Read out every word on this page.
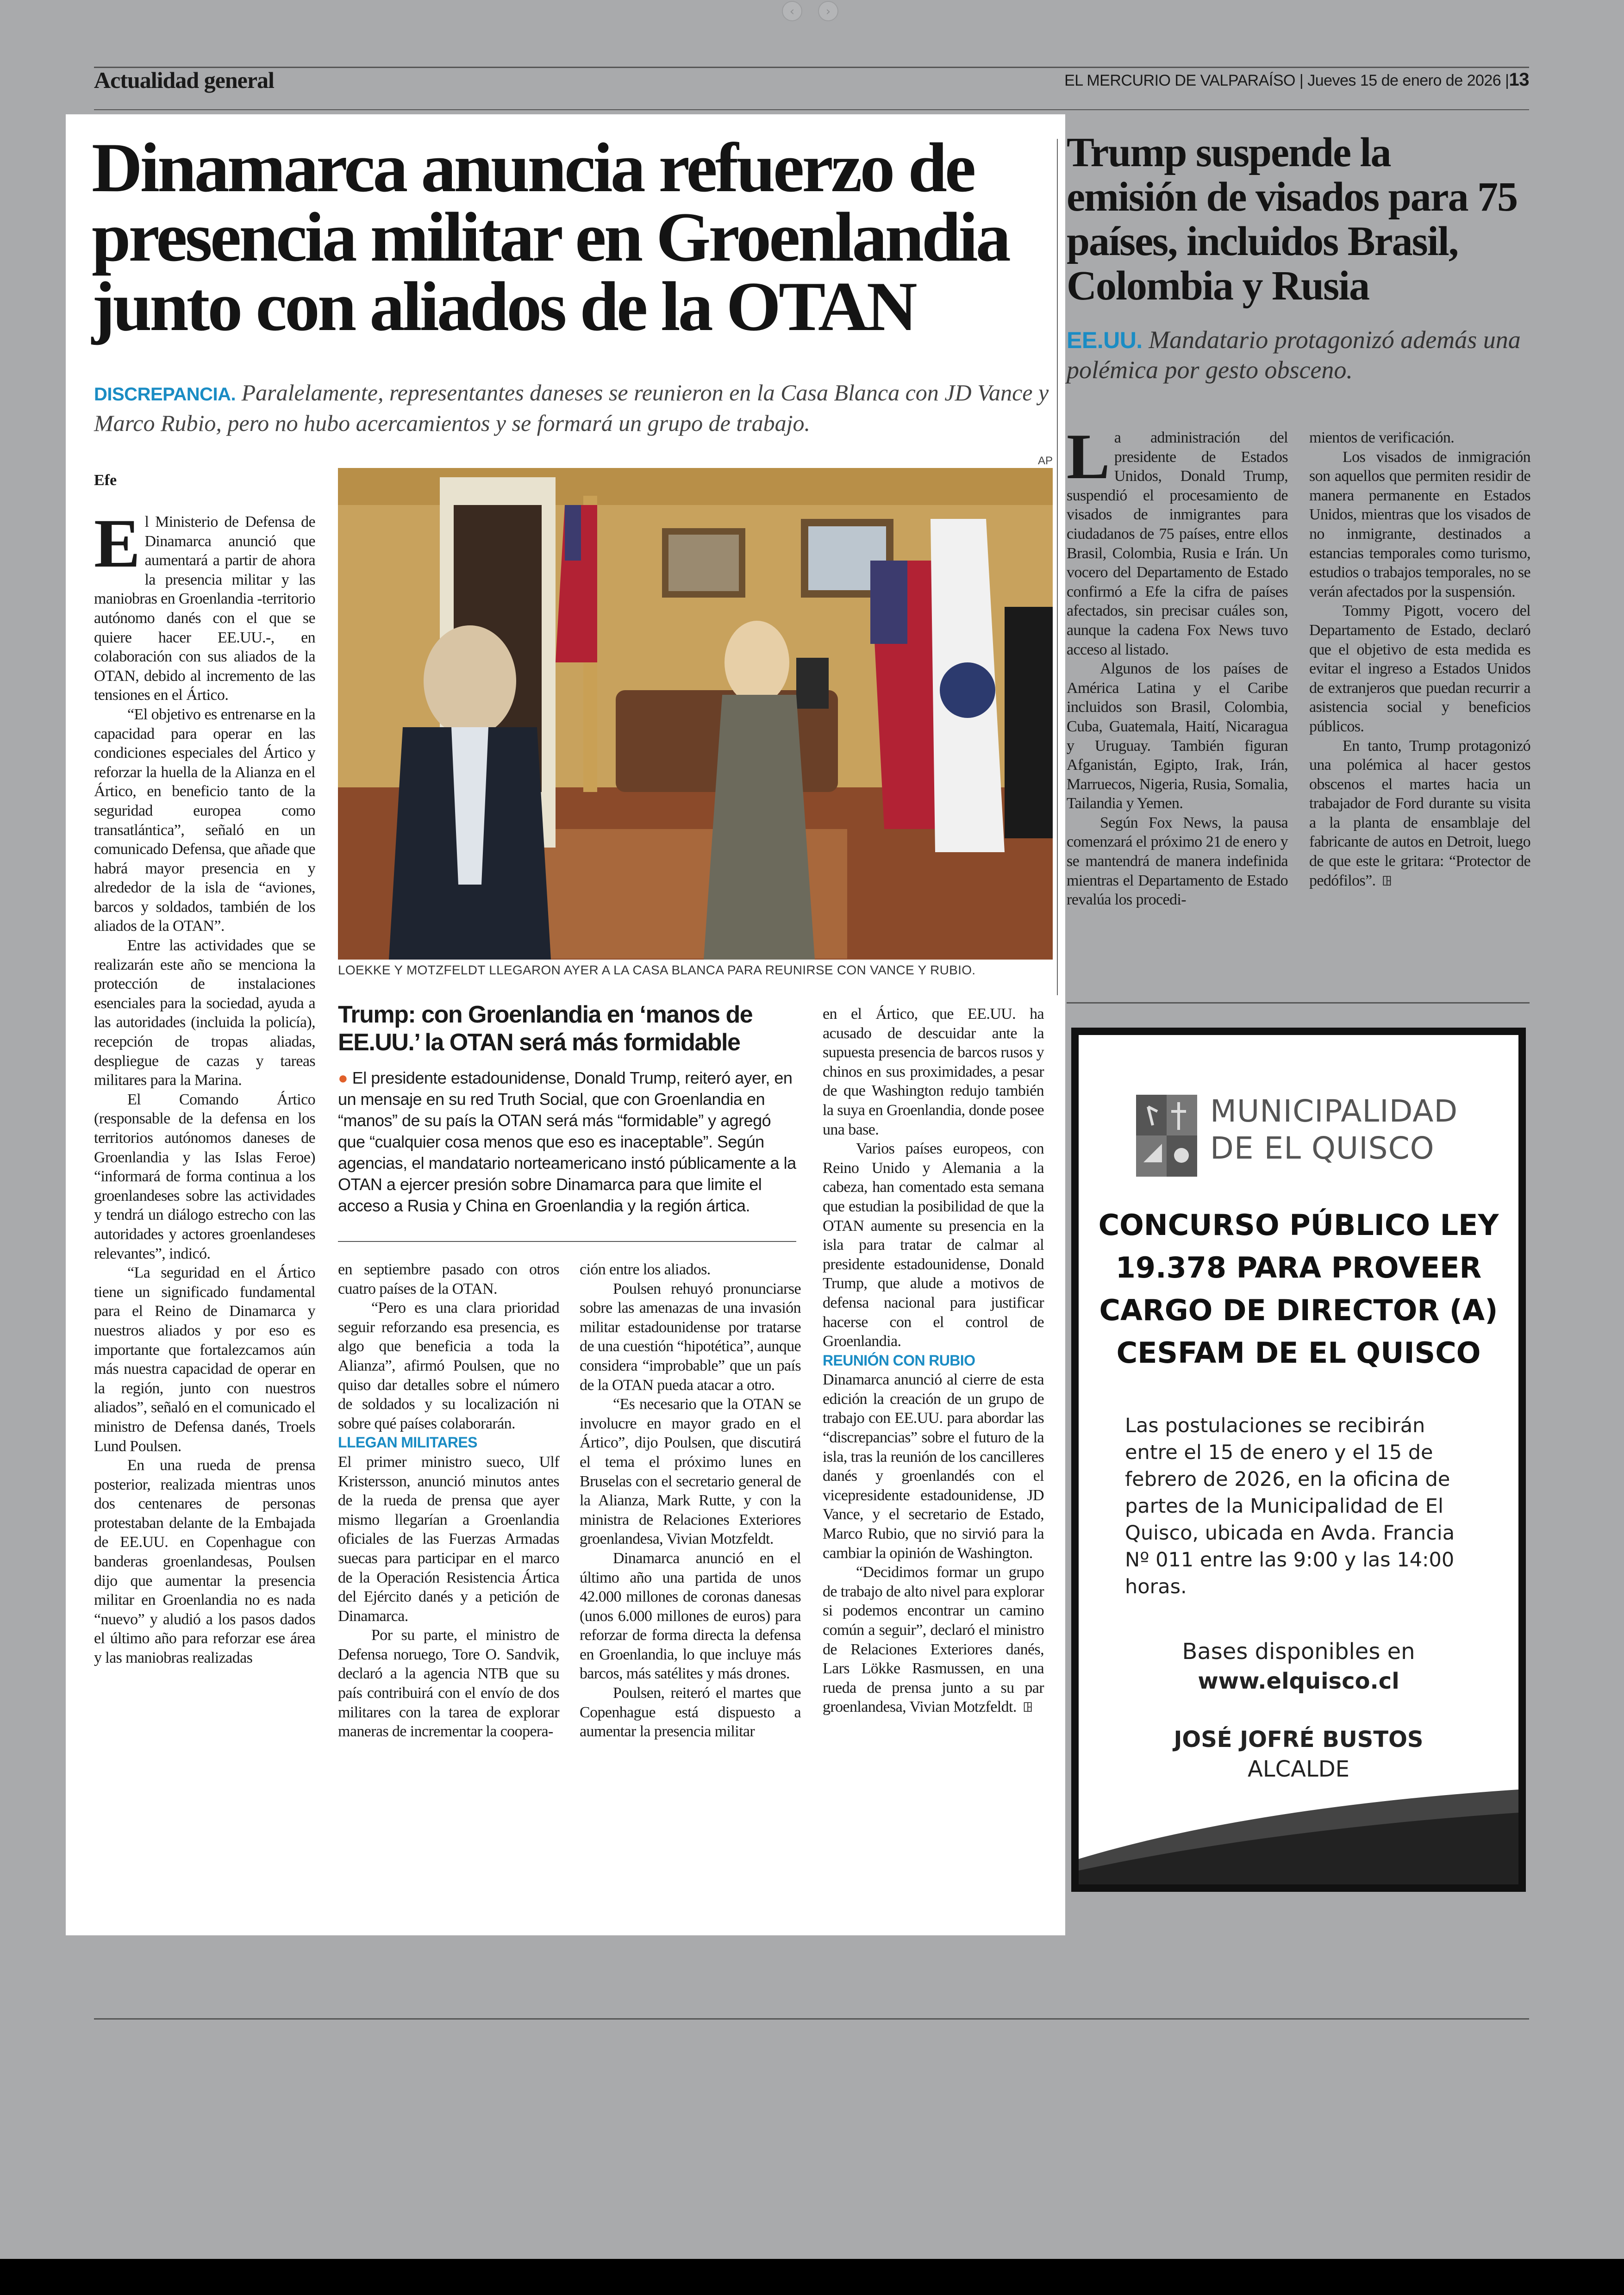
‹	›
Actualidad general	EL MERCURIO DE VALPARAÍSO | Jueves 15 de enero de 2026 |13
Dinamarca anuncia refuerzo de presencia militar en Groenlandia junto con aliados de la OTAN
DISCREPANCIA. Paralelamente, representantes daneses se reunieron en la Casa Blanca con JD Vance y Marco Rubio, pero no hubo acercamientos y se formará un grupo de trabajo.
Efe

El Ministerio de Defensa de Dinamarca anunció que aumentará a partir de ahora la presencia militar y las maniobras en Groenlandia -territorio autónomo danés con el que se quiere hacer EE.UU.-, en colaboración con sus aliados de la OTAN, debido al incremento de las tensiones en el Ártico.

“El objetivo es entrenarse en la capacidad para operar en las condiciones especiales del Ártico y reforzar la huella de la Alianza en el Ártico, en beneficio tanto de la seguridad europea como transatlántica”, señaló en un comunicado Defensa, que añade que habrá mayor presencia en y alrededor de la isla de “aviones, barcos y soldados, también de los aliados de la OTAN”.

Entre las actividades que se realizarán este año se menciona la protección de instalaciones esenciales para la sociedad, ayuda a las autoridades (incluida la policía), recepción de tropas aliadas, despliegue de cazas y tareas militares para la Marina.

El Comando Ártico (responsable de la defensa en los territorios autónomos daneses de Groenlandia y las Islas Feroe) “informará de forma continua a los groenlandeses sobre las actividades y tendrá un diálogo estrecho con las autoridades y actores groenlandeses relevantes”, indicó.

“La seguridad en el Ártico tiene un significado fundamental para el Reino de Dinamarca y nuestros aliados y por eso es importante que fortalezcamos aún más nuestra capacidad de operar en la región, junto con nuestros aliados”, señaló en el comunicado el ministro de Defensa danés, Troels Lund Poulsen.

En una rueda de prensa posterior, realizada mientras unos dos centenares de personas protestaban delante de la Embajada de EE.UU. en Copenhague con banderas groenlandesas, Poulsen dijo que aumentar la presencia militar en Groenlandia no es nada “nuevo” y aludió a los pasos dados el último año para reforzar ese área y las maniobras realizadas

AP
LOEKKE Y MOTZFELDT LLEGARON AYER A LA CASA BLANCA PARA REUNIRSE CON VANCE Y RUBIO.
Trump: con Groenlandia en ‘manos de EE.UU.’ la OTAN será más formidable
● El presidente estadounidense, Donald Trump, reiteró ayer, en un mensaje en su red Truth Social, que con Groenlandia en “manos” de su país la OTAN será más “formidable” y agregó que “cualquier cosa menos que eso es inaceptable”. Según agencias, el mandatario norteamericano instó públicamente a la OTAN a ejercer presión sobre Dinamarca para que limite el acceso a Rusia y China en Groenlandia y la región ártica.

en septiembre pasado con otros cuatro países de la OTAN.

“Pero es una clara prioridad seguir reforzando esa presencia, es algo que beneficia a toda la Alianza”, afirmó Poulsen, que no quiso dar detalles sobre el número de soldados y su localización ni sobre qué países colaborarán.

LLEGAN MILITARES

El primer ministro sueco, Ulf Kristersson, anunció minutos antes de la rueda de prensa que ayer mismo llegarían a Groenlandia oficiales de las Fuerzas Armadas suecas para participar en el marco de la Operación Resistencia Ártica del Ejército danés y a petición de Dinamarca.

Por su parte, el ministro de Defensa noruego, Tore O. Sandvik, declaró a la agencia NTB que su país contribuirá con el envío de dos militares con la tarea de explorar maneras de incrementar la coopera-

ción entre los aliados.

Poulsen rehuyó pronunciarse sobre las amenazas de una invasión militar estadounidense por tratarse de una cuestión “hipotética”, aunque considera “improbable” que un país de la OTAN pueda atacar a otro.

“Es necesario que la OTAN se involucre en mayor grado en el Ártico”, dijo Poulsen, que discutirá el tema el próximo lunes en Bruselas con el secretario general de la Alianza, Mark Rutte, y con la ministra de Relaciones Exteriores groenlandesa, Vivian Motzfeldt.

Dinamarca anunció en el último año una partida de unos 42.000 millones de coronas danesas (unos 6.000 millones de euros) para reforzar de forma directa la defensa en Groenlandia, lo que incluye más barcos, más satélites y más drones.

Poulsen, reiteró el martes que Copenhague está dispuesto a aumentar la presencia militar

en el Ártico, que EE.UU. ha acusado de descuidar ante la supuesta presencia de barcos rusos y chinos en sus proximidades, a pesar de que Washington redujo también la suya en Groenlandia, donde posee una base.

Varios países europeos, con Reino Unido y Alemania a la cabeza, han comentado esta semana que estudian la posibilidad de que la OTAN aumente su presencia en la isla para tratar de calmar al presidente estadounidense, Donald Trump, que alude a motivos de defensa nacional para justificar hacerse con el control de Groenlandia.

REUNIÓN CON RUBIO

Dinamarca anunció al cierre de esta edición la creación de un grupo de trabajo con EE.UU. para abordar las “discrepancias” sobre el futuro de la isla, tras la reunión de los cancilleres danés y groenlandés con el vicepresidente estadounidense, JD Vance, y el secretario de Estado, Marco Rubio, que no sirvió para la cambiar la opinión de Washington.

“Decidimos formar un grupo de trabajo de alto nivel para explorar si podemos encontrar un camino común a seguir”, declaró el ministro de Relaciones Exteriores danés, Lars Lökke Rasmussen, en una rueda de prensa junto a su par groenlandesa, Vivian Motzfeldt. ꖸ

Trump suspende la emisión de visados para 75 países, incluidos Brasil, Colombia y Rusia
EE.UU. Mandatario protagonizó además una polémica por gesto obsceno.

La administración del presidente de Estados Unidos, Donald Trump, suspendió el procesamiento de visados de inmigrantes para ciudadanos de 75 países, entre ellos Brasil, Colombia, Rusia e Irán. Un vocero del Departamento de Estado confirmó a Efe la cifra de países afectados, sin precisar cuáles son, aunque la cadena Fox News tuvo acceso al listado.

Algunos de los países de América Latina y el Caribe incluidos son Brasil, Colombia, Cuba, Guatemala, Haití, Nicaragua y Uruguay. También figuran Afganistán, Egipto, Irak, Irán, Marruecos, Nigeria, Rusia, Somalia, Tailandia y Yemen.

Según Fox News, la pausa comenzará el próximo 21 de enero y se mantendrá de manera indefinida mientras el Departamento de Estado revalúa los procedi-

mientos de verificación.

Los visados de inmigración son aquellos que permiten residir de manera permanente en Estados Unidos, mientras que los visados de no inmigrante, destinados a estancias temporales como turismo, estudios o trabajos temporales, no se verán afectados por la suspensión.

Tommy Pigott, vocero del Departamento de Estado, declaró que el objetivo de esta medida es evitar el ingreso a Estados Unidos de extranjeros que puedan recurrir a asistencia social y beneficios públicos.

En tanto, Trump protagonizó una polémica al hacer gestos obscenos el martes hacia un trabajador de Ford durante su visita a la planta de ensamblaje del fabricante de autos en Detroit, luego de que este le gritara: “Protector de pedófilos”. ꖸ

MUNICIPALIDAD
DE EL QUISCO
CONCURSO PÚBLICO LEY 19.378 PARA PROVEER CARGO DE DIRECTOR (A) CESFAM DE EL QUISCO
Las postulaciones se recibirán entre el 15 de enero y el 15 de febrero de 2026, en la oficina de partes de la Municipalidad de El Quisco, ubicada en Avda. Francia Nº 011 entre las 9:00 y las 14:00 horas.
Bases disponibles en
www.elquisco.cl
JOSÉ JOFRÉ BUSTOS
ALCALDE
